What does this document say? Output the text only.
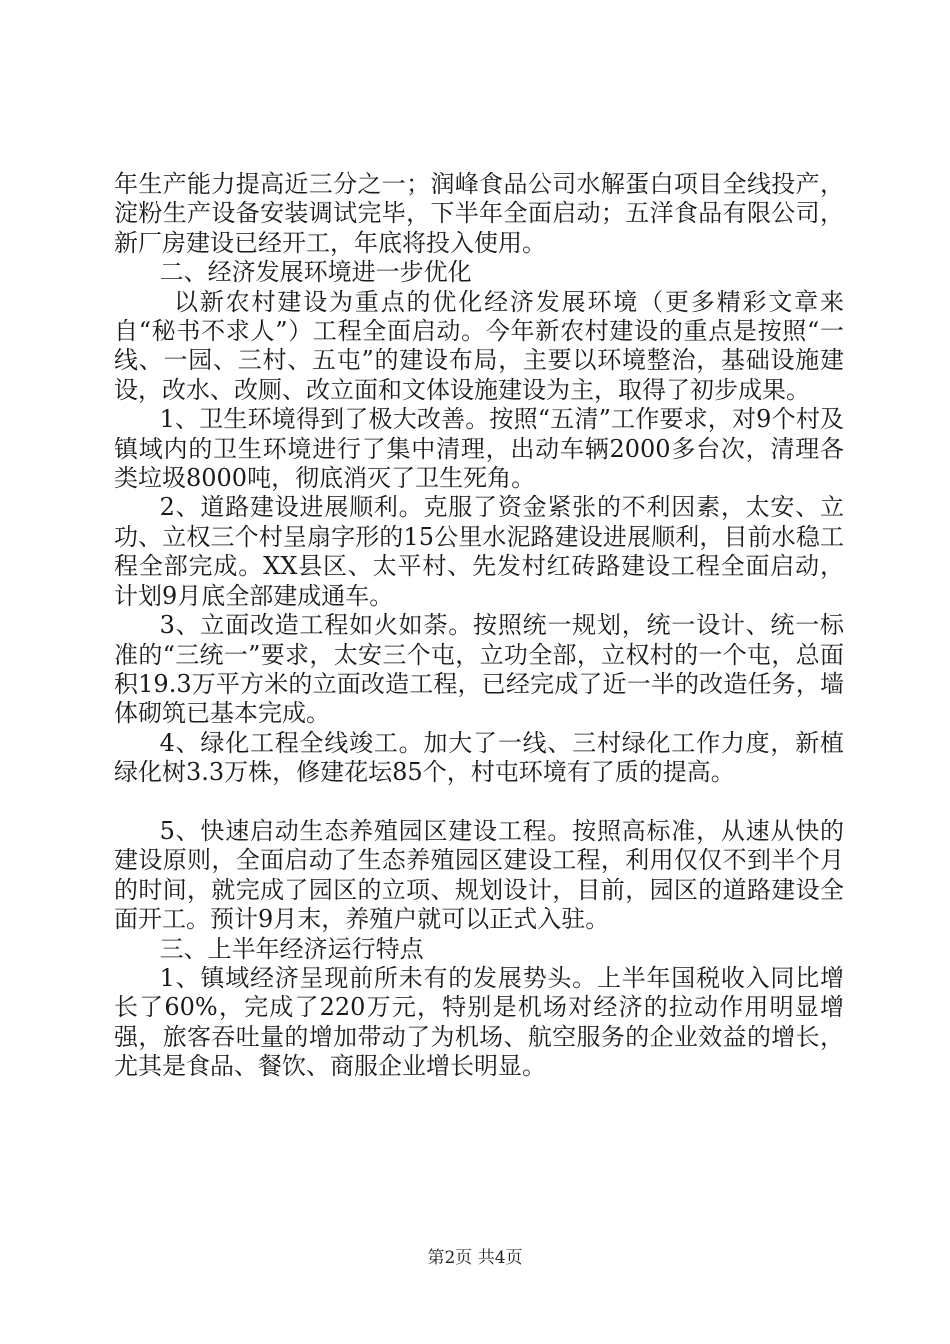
年生产能力提高近三分之一；润峰食品公司水解蛋白项目全线投产，淀粉生产设备安装调试完毕，下半年全面启动；五洋食品有限公司，新厂房建设已经开工，年底将投入使用。

二、经济发展环境进一步优化

以新农村建设为重点的优化经济发展环境（更多精彩文章来自“秘书不求人”）工程全面启动。今年新农村建设的重点是按照“一线、一园、三村、五屯”的建设布局，主要以环境整治，基础设施建设，改水、改厕、改立面和文体设施建设为主，取得了初步成果。

1、卫生环境得到了极大改善。按照“五清”工作要求，对9个村及镇域内的卫生环境进行了集中清理，出动车辆2000多台次，清理各类垃圾8000吨，彻底消灭了卫生死角。

2、道路建设进展顺利。克服了资金紧张的不利因素，太安、立功、立权三个村呈扇字形的15公里水泥路建设进展顺利，目前水稳工程全部完成。XX县区、太平村、先发村红砖路建设工程全面启动，计划9月底全部建成通车。

3、立面改造工程如火如荼。按照统一规划，统一设计、统一标准的“三统一”要求，太安三个屯，立功全部，立权村的一个屯，总面积19.3万平方米的立面改造工程，已经完成了近一半的改造任务，墙体砌筑已基本完成。

4、绿化工程全线竣工。加大了一线、三村绿化工作力度，新植绿化树3.3万株，修建花坛85个，村屯环境有了质的提高。

5、快速启动生态养殖园区建设工程。按照高标准，从速从快的建设原则，全面启动了生态养殖园区建设工程，利用仅仅不到半个月的时间，就完成了园区的立项、规划设计，目前，园区的道路建设全面开工。预计9月末，养殖户就可以正式入驻。

三、上半年经济运行特点

1、镇域经济呈现前所未有的发展势头。上半年国税收入同比增长了60%，完成了220万元，特别是机场对经济的拉动作用明显增强，旅客吞吐量的增加带动了为机场、航空服务的企业效益的增长，尤其是食品、餐饮、商服企业增长明显。

第2页 共4页
